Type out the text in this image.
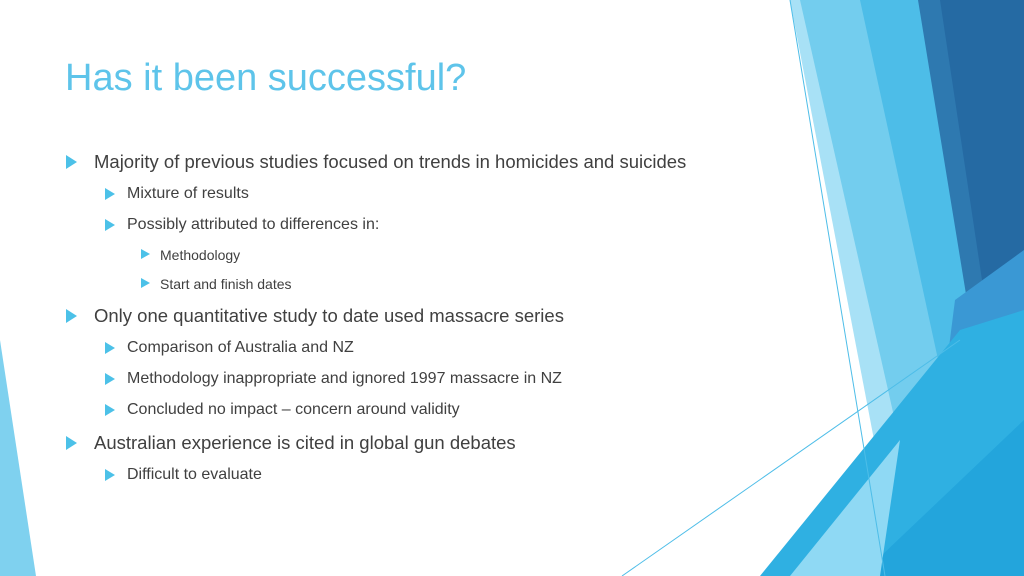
Has it been successful?
Majority of previous studies focused on trends in homicides and suicides
Mixture of results
Possibly attributed to differences in:
Methodology
Start and finish dates
Only one quantitative study to date used massacre series
Comparison of Australia and NZ
Methodology inappropriate and ignored 1997 massacre in NZ
Concluded no impact – concern around validity
Australian experience is cited in global gun debates
Difficult to evaluate
